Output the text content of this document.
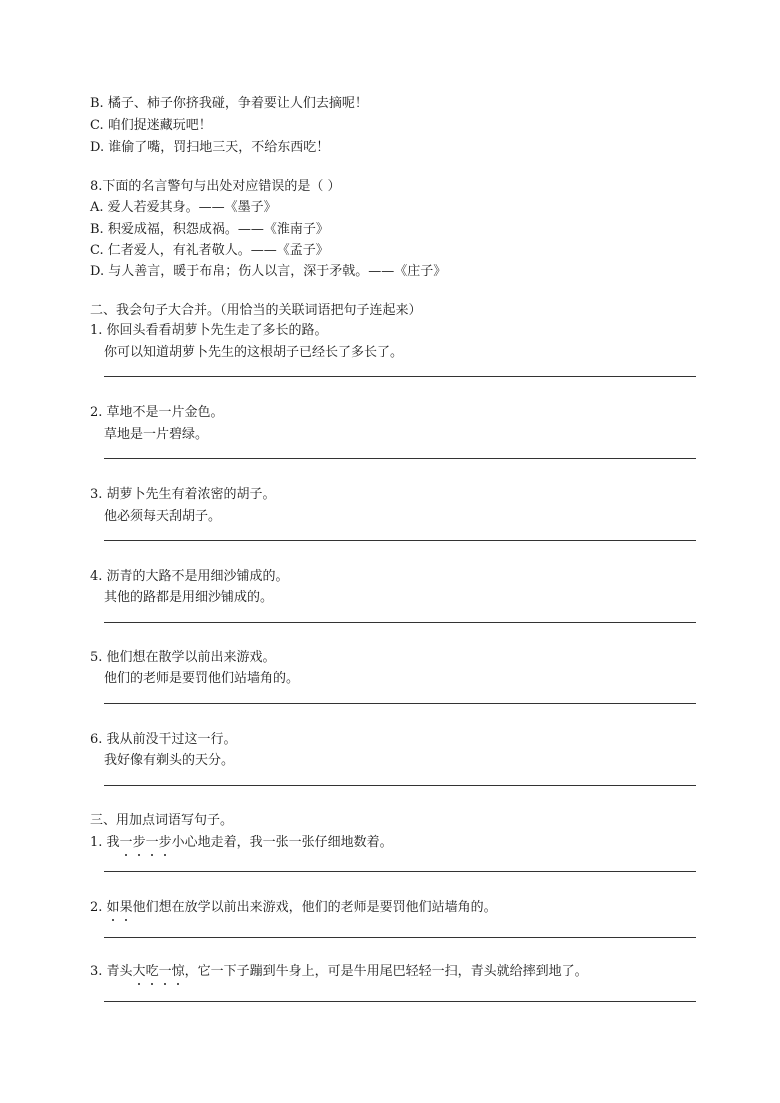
B. 橘子、柿子你挤我碰，争着要让人们去摘呢！
C. 咱们捉迷藏玩吧！
D. 谁偷了嘴，罚扫地三天，不给东西吃！
8.下面的名言警句与出处对应错误的是（ ）
A. 爱人若爱其身。——《墨子》
B. 积爱成福，积怨成祸。——《淮南子》
C. 仁者爱人，有礼者敬人。——《孟子》
D. 与人善言，暖于布帛；伤人以言，深于矛戟。——《庄子》
二、我会句子大合并。（用恰当的关联词语把句子连起来）
1. 你回头看看胡萝卜先生走了多长的路。
你可以知道胡萝卜先生的这根胡子已经长了多长了。
2. 草地不是一片金色。
草地是一片碧绿。
3. 胡萝卜先生有着浓密的胡子。
他必须每天刮胡子。
4. 沥青的大路不是用细沙铺成的。
其他的路都是用细沙铺成的。
5. 他们想在散学以前出来游戏。
他们的老师是要罚他们站墙角的。
6. 我从前没干过这一行。
我好像有剃头的天分。
三、用加点词语写句子。
1. 我一步一步小心地走着，我一张一张仔细地数着。
2. 如果他们想在放学以前出来游戏，他们的老师是要罚他们站墙角的。
3. 青头大吃一惊，它一下子蹦到牛身上，可是牛用尾巴轻轻一扫，青头就给摔到地了。
